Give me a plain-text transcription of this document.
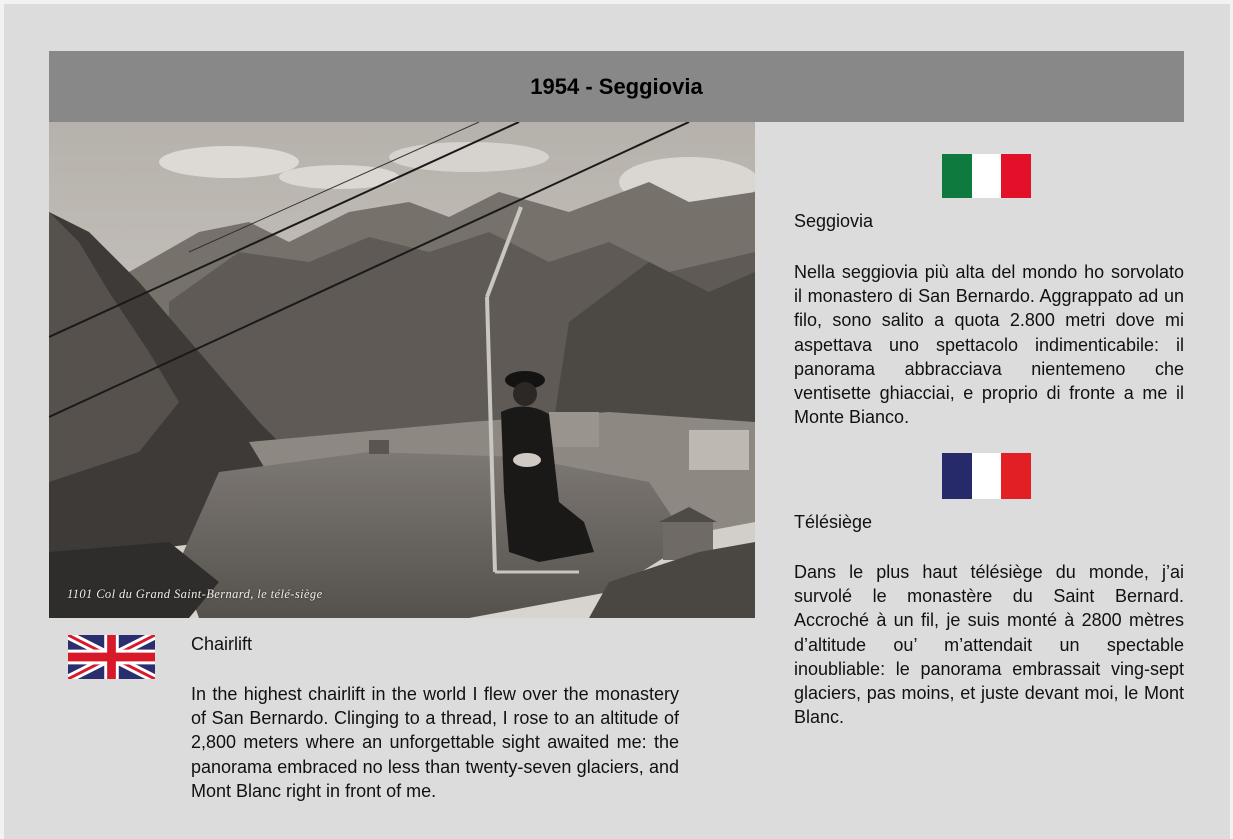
1954 - Seggiovia
1101 Col du Grand Saint-Bernard, le télé-siège
Seggiovia
Nella seggiovia più alta del mondo ho sorvolato il monastero di San Bernardo. Aggrappato ad un filo, sono salito a quota 2.800 metri dove mi aspettava uno spettacolo indimenticabile: il panorama abbracciava nientemeno che ventisette ghiacciai, e proprio di fronte a me il Monte Bianco.
Télésiège
Dans le plus haut télésiège du monde, j’ai survolé le monastère du Saint Bernard. Accroché à un fil, je suis monté à 2800 mètres d’altitude ou’ m’attendait un spectable inoubliable: le panorama embrassait ving-sept glaciers, pas moins, et juste devant moi, le Mont Blanc.
Chairlift
In the highest chairlift in the world I flew over the monastery of San Bernardo. Clinging to a thread, I rose to an altitude of 2,800 meters where an unforgettable sight awaited me: the panorama embraced no less than twenty-seven glaciers, and Mont Blanc right in front of me.
